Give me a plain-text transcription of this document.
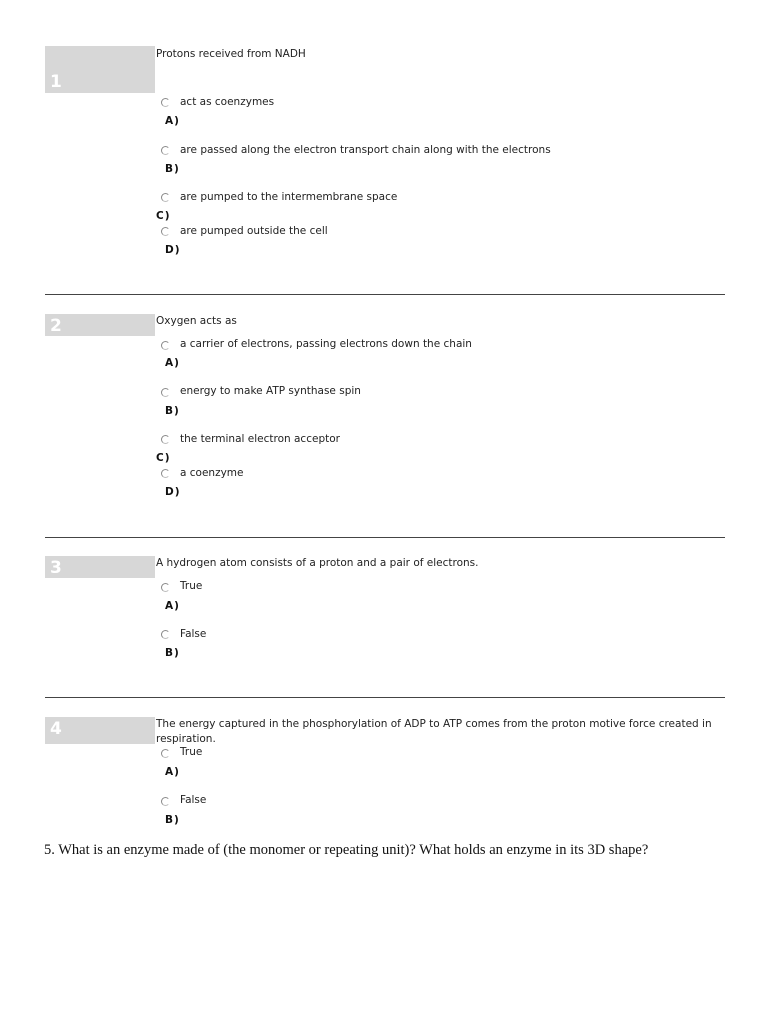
1
Protons received from NADH
act as coenzymes
A)
are passed along the electron transport chain along with the electrons
B)
are pumped to the intermembrane space
C)
are pumped outside the cell
D)
2	Oxygen acts as
a carrier of electrons, passing electrons down the chain
A)
energy to make ATP synthase spin
B)
the terminal electron acceptor
C)
a coenzyme
D)
3	A hydrogen atom consists of a proton and a pair of electrons.
True
A)
False
B)
4	The energy captured in the phosphorylation of ADP to ATP comes from the proton motive force created in respiration.
True
A)
False
B)
5. What is an enzyme made of (the monomer or repeating unit)? What holds an enzyme in its 3D shape?
